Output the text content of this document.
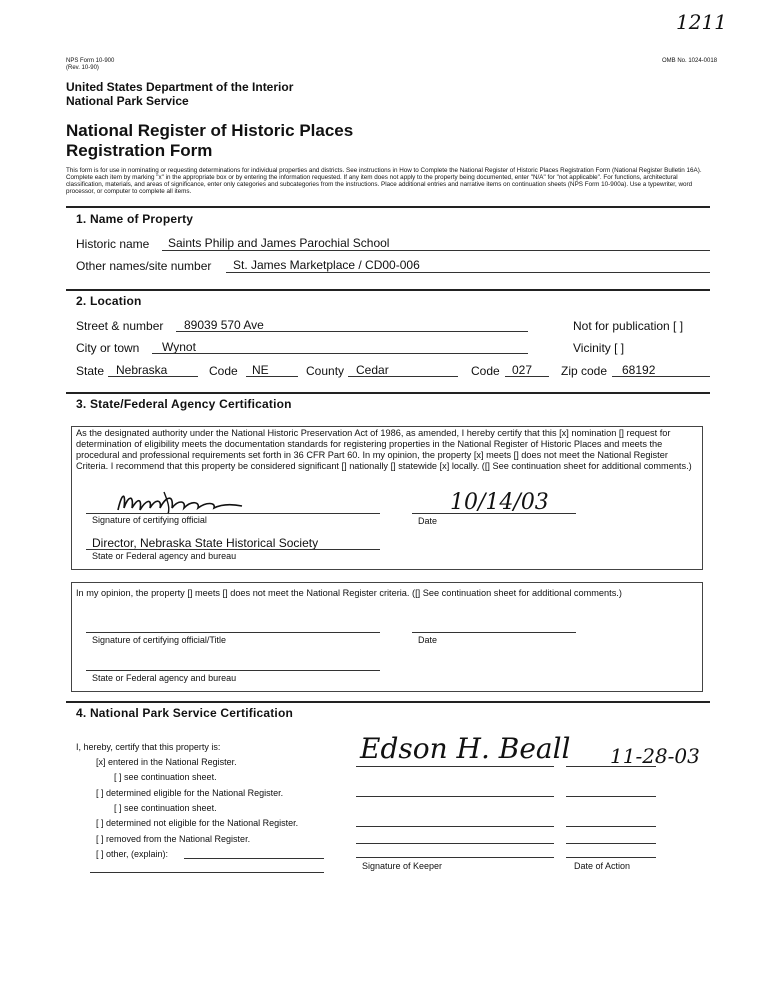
1211
NPS Form 10-900
(Rev. 10-90)
OMB No. 1024-0018
United States Department of the Interior
National Park Service
National Register of Historic Places
Registration Form
This form is for use in nominating or requesting determinations for individual properties and districts. See instructions in How to Complete the National Register of Historic Places Registration Form (National Register Bulletin 16A). Complete each item by marking "x" in the appropriate box or by entering the information requested. If any item does not apply to the property being documented, enter "N/A" for "not applicable". For functions, architectural classification, materials, and areas of significance, enter only categories and subcategories from the instructions. Place additional entries and narrative items on continuation sheets (NPS Form 10-900a). Use a typewriter, word processor, or computer to complete all items.
1. Name of Property
Historic name Saints Philip and James Parochial School
Other names/site number St. James Marketplace / CD00-006
2. Location
Street & number 89039 570 Ave	Not for publication [ ]
City or town Wynot	Vicinity [ ]
State Nebraska	Code NE	County Cedar	Code 027 Zip code 68192
3. State/Federal Agency Certification
As the designated authority under the National Historic Preservation Act of 1986, as amended, I hereby certify that this [x] nomination [] request for determination of eligibility meets the documentation standards for registering properties in the National Register of Historic Places and meets the procedural and professional requirements set forth in 36 CFR Part 60. In my opinion, the property [x] meets [] does not meet the National Register Criteria. I recommend that this property be considered significant [] nationally [] statewide [x] locally. ([] See continuation sheet for additional comments.)
Signature of certifying official
10/14/03
Date
Director, Nebraska State Historical Society
State or Federal agency and bureau
In my opinion, the property [] meets [] does not meet the National Register criteria. ([] See continuation sheet for additional comments.)
Signature of certifying official/Title	Date
State or Federal agency and bureau
4. National Park Service Certification
I, hereby, certify that this property is:
[x] entered in the National Register.
[ ] see continuation sheet.
[ ] determined eligible for the National Register.
[ ] see continuation sheet.
[ ] determined not eligible for the National Register.
[ ] removed from the National Register.
[ ] other, (explain):
Edson H. Beall 11-28-03
Signature of Keeper	Date of Action
